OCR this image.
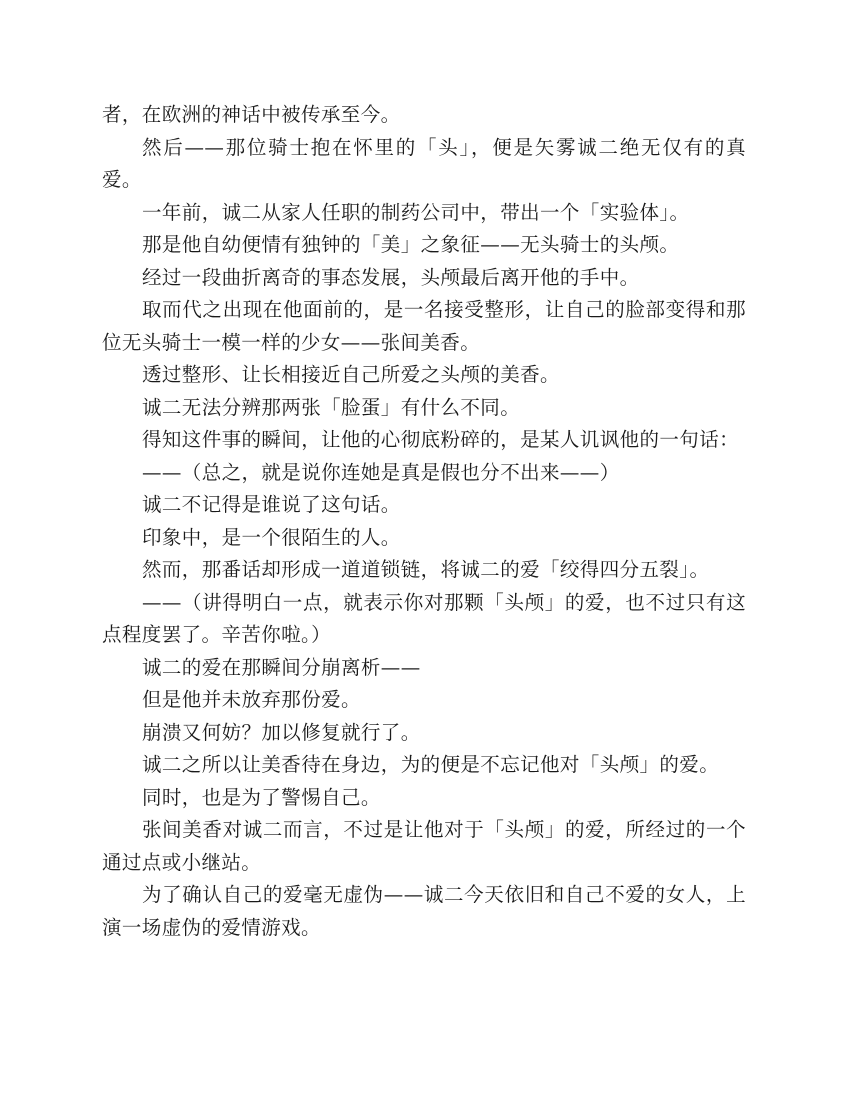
者，在欧洲的神话中被传承至今。

然后——那位骑士抱在怀里的「头」，便是矢雾诚二绝无仅有的真爱。

一年前，诚二从家人任职的制药公司中，带出一个「实验体」。

那是他自幼便情有独钟的「美」之象征——无头骑士的头颅。

经过一段曲折离奇的事态发展，头颅最后离开他的手中。

取而代之出现在他面前的，是一名接受整形，让自己的脸部变得和那位无头骑士一模一样的少女——张间美香。

透过整形、让长相接近自己所爱之头颅的美香。

诚二无法分辨那两张「脸蛋」有什么不同。

得知这件事的瞬间，让他的心彻底粉碎的，是某人讥讽他的一句话：

——（总之，就是说你连她是真是假也分不出来——）

诚二不记得是谁说了这句话。

印象中，是一个很陌生的人。

然而，那番话却形成一道道锁链，将诚二的爱「绞得四分五裂」。

——（讲得明白一点，就表示你对那颗「头颅」的爱，也不过只有这点程度罢了。辛苦你啦。）

诚二的爱在那瞬间分崩离析——

但是他并未放弃那份爱。

崩溃又何妨？加以修复就行了。

诚二之所以让美香待在身边，为的便是不忘记他对「头颅」的爱。

同时，也是为了警惕自己。

张间美香对诚二而言，不过是让他对于「头颅」的爱，所经过的一个通过点或小继站。

为了确认自己的爱毫无虚伪——诚二今天依旧和自己不爱的女人，上演一场虚伪的爱情游戏。
